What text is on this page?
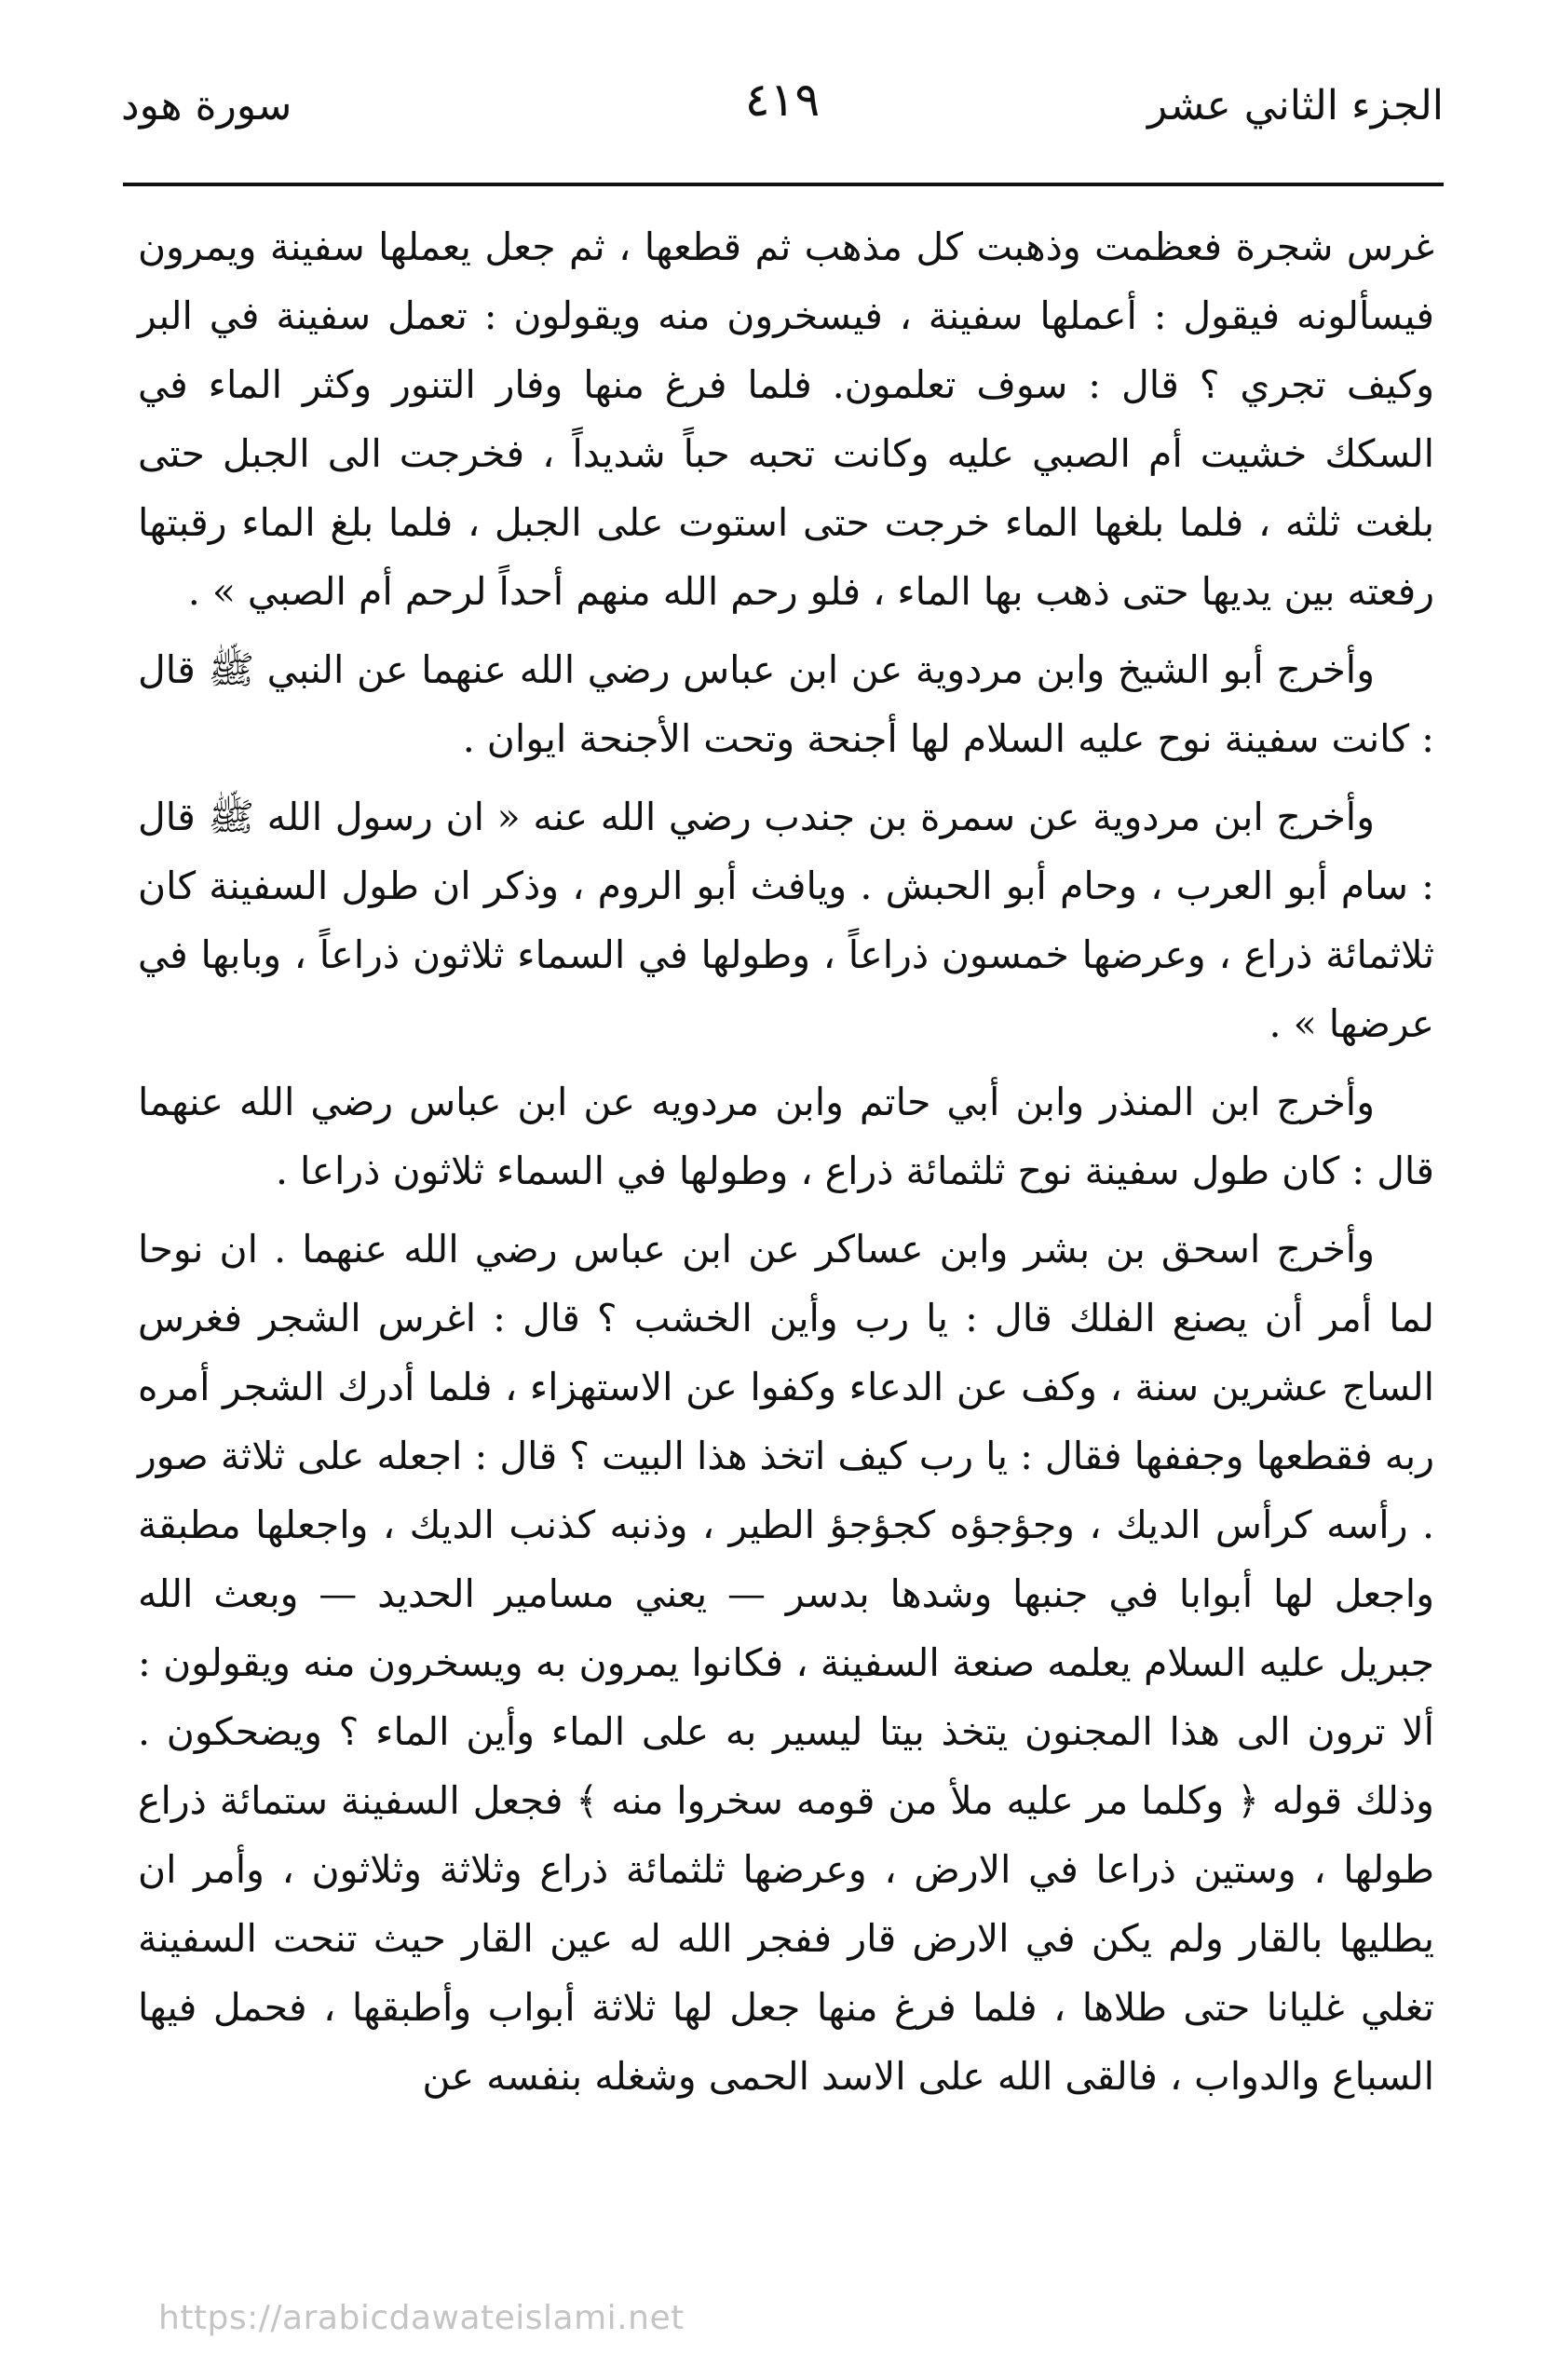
الجزء الثاني عشر
٤١٩
سورة هود

غرس شجرة فعظمت وذهبت كل مذهب ثم قطعها ، ثم جعل يعملها سفينة ويمرون فيسألونه فيقول : أعملها سفينة ، فيسخرون منه ويقولون : تعمل سفينة في البر وكيف تجري ؟ قال : سوف تعلمون. فلما فرغ منها وفار التنور وكثر الماء في السكك خشيت أم الصبي عليه وكانت تحبه حباً شديداً ، فخرجت الى الجبل حتى بلغت ثلثه ، فلما بلغها الماء خرجت حتى استوت على الجبل ، فلما بلغ الماء رقبتها رفعته بين يديها حتى ذهب بها الماء ، فلو رحم الله منهم أحداً لرحم أم الصبي » .

وأخرج أبو الشيخ وابن مردوية عن ابن عباس رضي الله عنهما عن النبي ﷺ قال : كانت سفينة نوح عليه السلام لها أجنحة وتحت الأجنحة ايوان .

وأخرج ابن مردوية عن سمرة بن جندب رضي الله عنه « ان رسول الله ﷺ قال : سام أبو العرب ، وحام أبو الحبش . ويافث أبو الروم ، وذكر ان طول السفينة كان ثلاثمائة ذراع ، وعرضها خمسون ذراعاً ، وطولها في السماء ثلاثون ذراعاً ، وبابها في عرضها » .

وأخرج ابن المنذر وابن أبي حاتم وابن مردويه عن ابن عباس رضي الله عنهما قال : كان طول سفينة نوح ثلثمائة ذراع ، وطولها في السماء ثلاثون ذراعا .

وأخرج اسحق بن بشر وابن عساكر عن ابن عباس رضي الله عنهما . ان نوحا لما أمر أن يصنع الفلك قال : يا رب وأين الخشب ؟ قال : اغرس الشجر فغرس الساج عشرين سنة ، وكف عن الدعاء وكفوا عن الاستهزاء ، فلما أدرك الشجر أمره ربه فقطعها وجففها فقال : يا رب كيف اتخذ هذا البيت ؟ قال : اجعله على ثلاثة صور . رأسه كرأس الديك ، وجؤجؤه كجؤجؤ الطير ، وذنبه كذنب الديك ، واجعلها مطبقة واجعل لها أبوابا في جنبها وشدها بدسر — يعني مسامير الحديد — وبعث الله جبريل عليه السلام يعلمه صنعة السفينة ، فكانوا يمرون به ويسخرون منه ويقولون : ألا ترون الى هذا المجنون يتخذ بيتا ليسير به على الماء وأين الماء ؟ ويضحكون . وذلك قوله ﴿ وكلما مر عليه ملأ من قومه سخروا منه ﴾ فجعل السفينة ستمائة ذراع طولها ، وستين ذراعا في الارض ، وعرضها ثلثمائة ذراع وثلاثة وثلاثون ، وأمر ان يطليها بالقار ولم يكن في الارض قار ففجر الله له عين القار حيث تنحت السفينة تغلي غليانا حتى طلاها ، فلما فرغ منها جعل لها ثلاثة أبواب وأطبقها ، فحمل فيها السباع والدواب ، فالقى الله على الاسد الحمى وشغله بنفسه عن

https://arabicdawateislami.net
